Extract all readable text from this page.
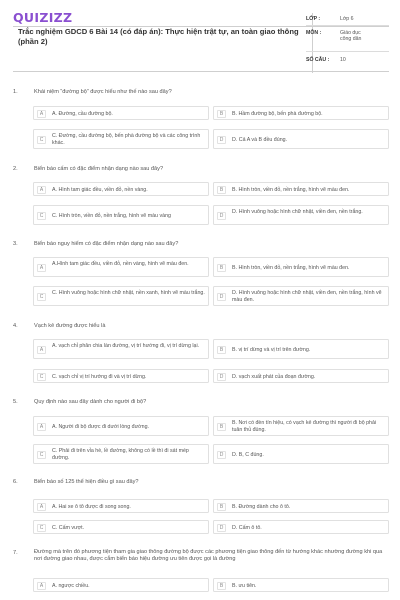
QUIZIZZ
Trắc nghiệm GDCD 6 Bài 14 (có đáp án): Thực hiện trật tự, an toàn giao thông (phần 2)
LỚP :	Lớp 6
MÔN :	Giáo dục công dân
SỐ CÂU : 10
1.	Khái niệm “đường bộ” được hiểu như thế nào sau đây?
A	A. Đường, cầu đường bộ.	B	B. Hầm đường bộ, bến phà đường bộ.
C
C. Đường, cầu đường bộ, bến phà đường bộ và các công trình khác.
D	D. Cả A và B đều đúng.
2.	Biển báo cấm có đặc điểm nhận dạng nào sau đây?
A	A. Hình tam giác đều, viền đỏ, nền vàng.	B	B. Hình tròn, viền đỏ, nền trắng, hình vẽ màu đen.
C	C. Hình tròn, viền đỏ, nền trắng, hình vẽ màu vàng	D
D. Hình vuông hoặc hình chữ nhật, viền đen, nền trắng.
3.	Biển báo nguy hiểm có đặc điểm nhận dạng nào sau đây?
A
A.Hình tam giác đều, viền đỏ, nền vàng, hình vẽ màu đen.
B	B. Hình tròn, viền đỏ, nền trắng, hình vẽ màu đen.
C
C. Hình vuông hoặc hình chữ nhật, nền xanh, hình vẽ màu trắng.
D
D. Hình vuông hoặc hình chữ nhật, viền đen, nền trắng, hình vẽ màu đen.
4.	Vạch kẻ đường được hiểu là
A
A. vạch chỉ phân chia làn đường, vị trí hướng đi, vị trí dừng lại.
B	B. vị trí dừng và vị trí trên đường.
C	C. vạch chỉ vị trí hướng đi và vị trí dừng.	D	D. vạch xuất phát của đoạn đường.
5.	Quy định nào sau đây dành cho người đi bộ?
A	A. Người đi bộ được đi dưới lòng đường.	B
B. Nơi có đèn tín hiệu, có vạch kẻ đường thì người đi bộ phải tuân thủ đúng.
C
C. Phải đi trên vỉa hè, lề đường, không có lề thì đi sát mép đường.
D	D. B, C đúng.
6.	Biển báo số 125 thể hiện điều gì sau đây?
A	A. Hai xe ô tô được đi song song.	B	B. Đường dành cho ô tô.
C	C. Cấm vượt.	D	D. Cấm ô tô.
7.	Đường mà trên đó phương tiện tham gia giao thông đường bộ được các phương tiện giao thông đến từ hướng khác nhường đường khi qua nơi đường giao nhau, được cắm biển báo hiệu đường ưu tiên được gọi là đường
A	A. ngược chiều.	B	B. ưu tiên.
